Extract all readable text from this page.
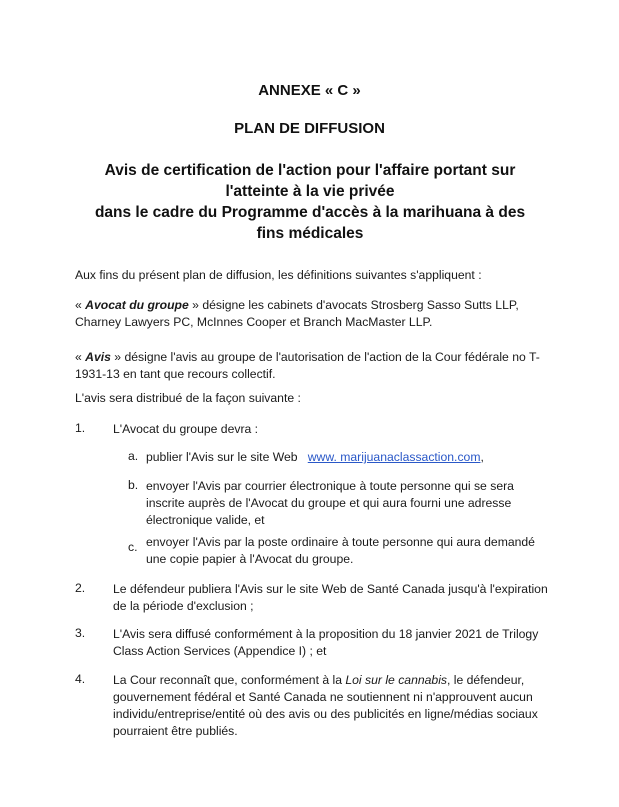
ANNEXE « C »
PLAN DE DIFFUSION
Avis de certification de l'action pour l'affaire portant sur
l'atteinte à la vie privée
dans le cadre du Programme d'accès à la marihuana à des
fins médicales
Aux fins du présent plan de diffusion, les définitions suivantes s'appliquent :
« Avocat du groupe » désigne les cabinets d'avocats Strosberg Sasso Sutts LLP,
Charney Lawyers PC, McInnes Cooper et Branch MacMaster LLP.
« Avis » désigne l'avis au groupe de l'autorisation de l'action de la Cour fédérale no T-
1931-13 en tant que recours collectif.
L'avis sera distribué de la façon suivante :
1. L'Avocat du groupe devra :
a. publier l'Avis sur le site Web www. marijuanaclassaction.com,
b. envoyer l'Avis par courrier électronique à toute personne qui se sera
inscrite auprès de l'Avocat du groupe et qui aura fourni une adresse
électronique valide, et
c. envoyer l'Avis par la poste ordinaire à toute personne qui aura demandé
une copie papier à l'Avocat du groupe.
2. Le défendeur publiera l'Avis sur le site Web de Santé Canada jusqu'à l'expiration
de la période d'exclusion ;
3. L'Avis sera diffusé conformément à la proposition du 18 janvier 2021 de Trilogy
Class Action Services (Appendice I) ; et
4. La Cour reconnaît que, conformément à la Loi sur le cannabis, le défendeur,
gouvernement fédéral et Santé Canada ne soutiennent ni n'approuvent aucun
individu/entreprise/entité où des avis ou des publicités en ligne/médias sociaux
pourraient être publiés.
